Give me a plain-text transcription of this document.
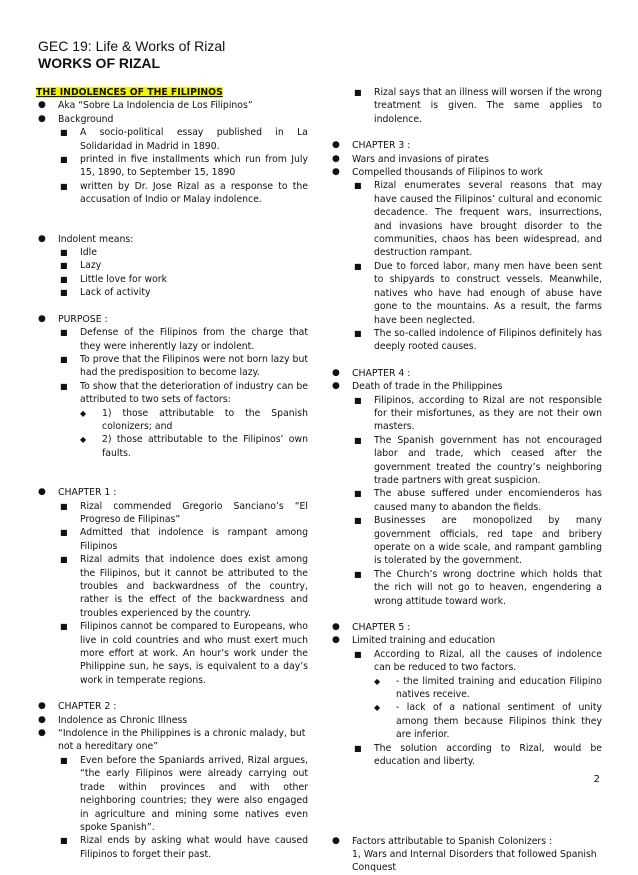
GEC 19: Life & Works of Rizal
WORKS OF RIZAL
THE INDOLENCES OF THE FILIPINOS
● Aka “Sobre La Indolencia de Los Filipinos”
● Background
■ A socio-political essay published in La Solidaridad in Madrid in 1890.
■ printed in five installments which run from July 15, 1890, to September 15, 1890
■ written by Dr. Jose Rizal as a response to the accusation of Indio or Malay indolence.
● Indolent means:
■ Idle
■ Lazy
■ Little love for work
■ Lack of activity
● PURPOSE :
■ Defense of the Filipinos from the charge that they were inherently lazy or indolent.
■ To prove that the Filipinos were not born lazy but had the predisposition to become lazy.
■ To show that the deterioration of industry can be attributed to two sets of factors:
◆ 1) those attributable to the Spanish colonizers; and
◆ 2) those attributable to the Filipinos’ own faults.
● CHAPTER 1 :
■ Rizal commended Gregorio Sanciano’s “El Progreso de Filipinas”
■ Admitted that indolence is rampant among Filipinos
■ Rizal admits that indolence does exist among the Filipinos, but it cannot be attributed to the troubles and backwardness of the country, rather is the effect of the backwardness and troubles experienced by the country.
■ Filipinos cannot be compared to Europeans, who live in cold countries and who must exert much more effort at work. An hour’s work under the Philippine sun, he says, is equivalent to a day’s work in temperate regions.
● CHAPTER 2 :
● Indolence as Chronic Illness
● “Indolence in the Philippines is a chronic malady, but not a hereditary one”
■ Even before the Spaniards arrived, Rizal argues, “the early Filipinos were already carrying out trade within provinces and with other neighboring countries; they were also engaged in agriculture and mining some natives even spoke Spanish”.
■ Rizal ends by asking what would have caused Filipinos to forget their past.
■ Rizal says that an illness will worsen if the wrong treatment is given. The same applies to indolence.
● CHAPTER 3 :
● Wars and invasions of pirates
● Compelled thousands of Filipinos to work
■ Rizal enumerates several reasons that may have caused the Filipinos’ cultural and economic decadence. The frequent wars, insurrections, and invasions have brought disorder to the communities, chaos has been widespread, and destruction rampant.
■ Due to forced labor, many men have been sent to shipyards to construct vessels. Meanwhile, natives who have had enough of abuse have gone to the mountains. As a result, the farms have been neglected.
■ The so-called indolence of Filipinos definitely has deeply rooted causes.
● CHAPTER 4 :
● Death of trade in the Philippines
■ Filipinos, according to Rizal are not responsible for their misfortunes, as they are not their own masters.
■ The Spanish government has not encouraged labor and trade, which ceased after the government treated the country’s neighboring trade partners with great suspicion.
■ The abuse suffered under encomienderos has caused many to abandon the fields.
■ Businesses are monopolized by many government officials, red tape and bribery operate on a wide scale, and rampant gambling is tolerated by the government.
■ The Church’s wrong doctrine which holds that the rich will not go to heaven, engendering a wrong attitude toward work.
● CHAPTER 5 :
● Limited training and education
■ According to Rizal, all the causes of indolence can be reduced to two factors.
◆ - the limited training and education Filipino natives receive.
◆ - lack of a national sentiment of unity among them because Filipinos think they are inferior.
■ The solution according to Rizal, would be education and liberty.
● Factors attributable to Spanish Colonizers :
1, Wars and Internal Disorders that followed Spanish Conquest
2
